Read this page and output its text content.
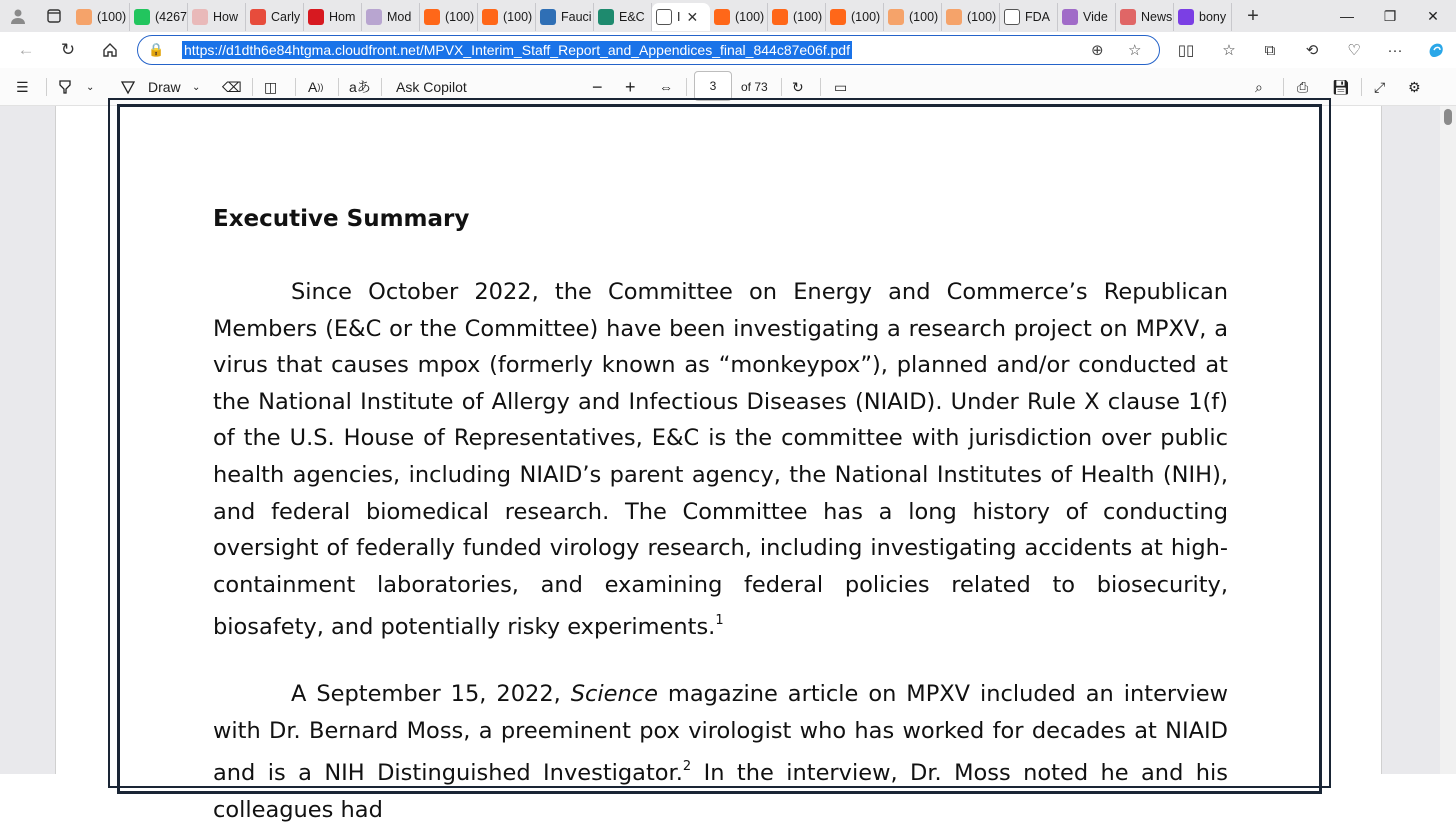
(100) (4267 How	Carly Hom	Mod	(100) (100) Fauci E&C	I ✕	(100) (100) (100) (100) (100) FDA	Vide	News bony	+	—	❐	✕
←	↻	🔒	https://d1dth6e84htgma.cloudfront.net/MPVX_Interim_Staff_Report_and_Appendices_final_844c87e06f.pdf	⊕ ☆	▯▯	☆	⧉	⟲	♡	···
☰	⌄	Draw ⌄ ⌫ ◫ A )) aあ Ask Copilot	− + ⇔	3	of 73 ↻ ▭	⌕ ⎙ 💾︎ ⤢ ⚙
Executive Summary

Since October 2022, the Committee on Energy and Commerce’s Republican Members (E&C or the Committee) have been investigating a research project on MPXV, a virus that causes mpox (formerly known as “monkeypox”), planned and/or conducted at the National Institute of Allergy and Infectious Diseases (NIAID). Under Rule X clause 1(f) of the U.S. House of Representatives, E&C is the committee with jurisdiction over public health agencies, including NIAID’s parent agency, the National Institutes of Health (NIH), and federal biomedical research. The Committee has a long history of conducting oversight of federally funded virology research, including investigating accidents at high-containment laboratories, and examining federal policies related to biosecurity, biosafety, and potentially risky experiments.$^1$

A September 15, 2022, Science magazine article on MPXV included an interview with Dr. Bernard Moss, a preeminent pox virologist who has worked for decades at NIAID and is a NIH Distinguished Investigator.$^2$ In the interview, Dr. Moss noted he and his colleagues had
